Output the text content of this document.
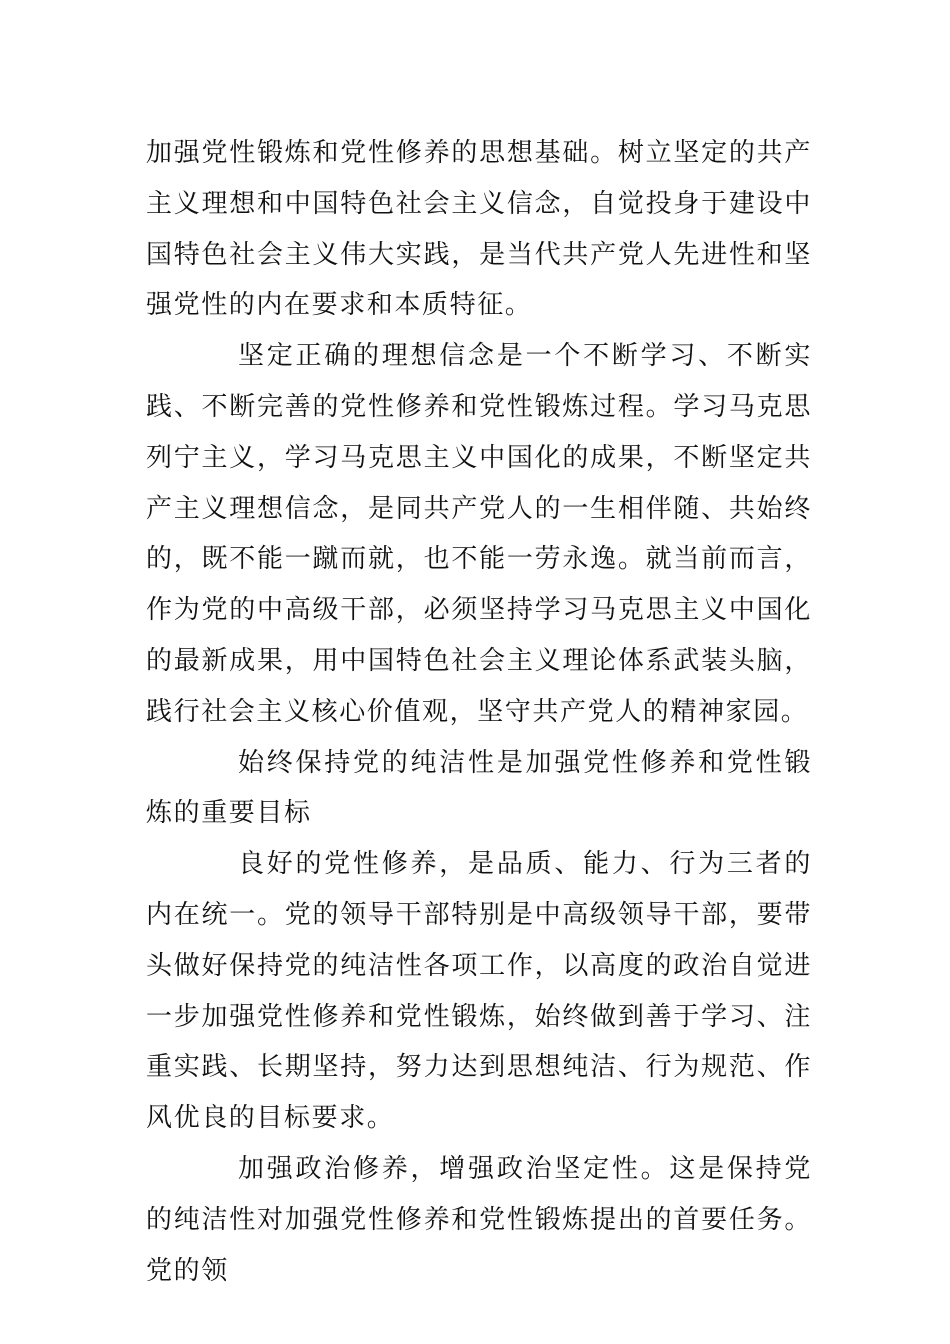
加强党性锻炼和党性修养的思想基础。树立坚定的共产主义理想和中国特色社会主义信念，自觉投身于建设中国特色社会主义伟大实践，是当代共产党人先进性和坚强党性的内在要求和本质特征。

坚定正确的理想信念是一个不断学习、不断实践、不断完善的党性修养和党性锻炼过程。学习马克思列宁主义，学习马克思主义中国化的成果，不断坚定共产主义理想信念，是同共产党人的一生相伴随、共始终的，既不能一蹴而就，也不能一劳永逸。就当前而言，作为党的中高级干部，必须坚持学习马克思主义中国化的最新成果，用中国特色社会主义理论体系武装头脑，践行社会主义核心价值观，坚守共产党人的精神家园。

始终保持党的纯洁性是加强党性修养和党性锻炼的重要目标

良好的党性修养，是品质、能力、行为三者的内在统一。党的领导干部特别是中高级领导干部，要带头做好保持党的纯洁性各项工作，以高度的政治自觉进一步加强党性修养和党性锻炼，始终做到善于学习、注重实践、长期坚持，努力达到思想纯洁、行为规范、作风优良的目标要求。

加强政治修养，增强政治坚定性。这是保持党的纯洁性对加强党性修养和党性锻炼提出的首要任务。党的领
